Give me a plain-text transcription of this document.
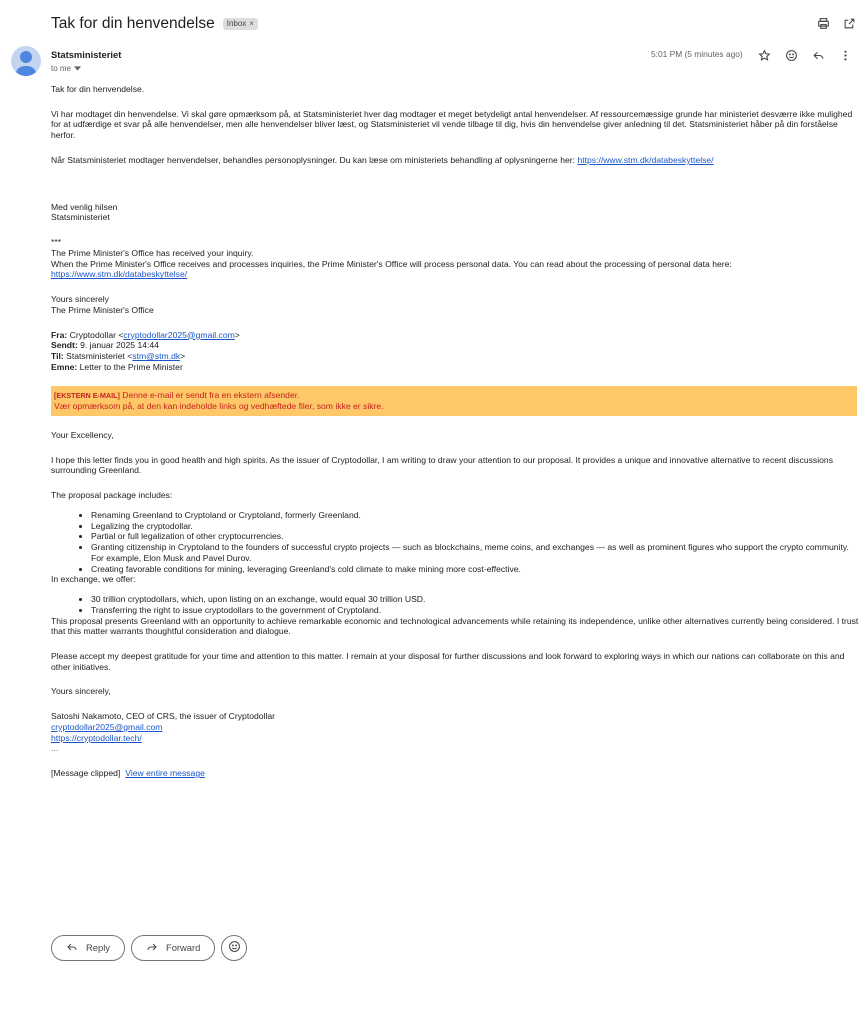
Tak for din henvendelse Inbox ×
Statsministeriet
to me
5:01 PM (5 minutes ago)

Tak for din henvendelse.

Vi har modtaget din henvendelse. Vi skal gøre opmærksom på, at Statsministeriet hver dag modtager et meget betydeligt antal henvendelser. Af ressourcemæssige grunde har ministeriet desværre ikke mulighed for at udfærdige et svar på alle henvendelser, men alle henvendelser bliver læst, og Statsministeriet vil vende tilbage til dig, hvis din henvendelse giver anledning til det. Statsministeriet håber på din forståelse herfor.

Når Statsministeriet modtager henvendelser, behandles personoplysninger. Du kan læse om ministeriets behandling af oplysningerne her: https://www.stm.dk/databeskyttelse/

Med venlig hilsen

Statsministeriet

***

The Prime Minister's Office has received your inquiry.

When the Prime Minister's Office receives and processes inquiries, the Prime Minister's Office will process personal data. You can read about the processing of personal data here:

https://www.stm.dk/databeskyttelse/

Yours sincerely

The Prime Minister's Office

Fra: Cryptodollar <cryptodollar2025@gmail.com>

Sendt: 9. januar 2025 14:44

Til: Statsministeriet <stm@stm.dk>

Emne: Letter to the Prime Minister

[EKSTERN E-MAIL] Denne e-mail er sendt fra en ekstern afsender.

Vær opmærksom på, at den kan indeholde links og vedhæftede filer, som ikke er sikre.

Your Excellency,

I hope this letter finds you in good health and high spirits. As the issuer of Cryptodollar, I am writing to draw your attention to our proposal. It provides a unique and innovative alternative to recent discussions surrounding Greenland.

The proposal package includes:

• Renaming Greenland to Cryptoland or Cryptoland, formerly Greenland.
• Legalizing the cryptodollar.
• Partial or full legalization of other cryptocurrencies.
• Granting citizenship in Cryptoland to the founders of successful crypto projects — such as blockchains, meme coins, and exchanges — as well as prominent figures who support the crypto community. For example, Elon Musk and Pavel Durov.
• Creating favorable conditions for mining, leveraging Greenland's cold climate to make mining more cost-effective.

In exchange, we offer:

• 30 trillion cryptodollars, which, upon listing on an exchange, would equal 30 trillion USD.
• Transferring the right to issue cryptodollars to the government of Cryptoland.

This proposal presents Greenland with an opportunity to achieve remarkable economic and technological advancements while retaining its independence, unlike other alternatives currently being considered. I trust that this matter warrants thoughtful consideration and dialogue.

Please accept my deepest gratitude for your time and attention to this matter. I remain at your disposal for further discussions and look forward to exploring ways in which our nations can collaborate on this and other initiatives.

Yours sincerely,

Satoshi Nakamoto, CEO of CRS, the issuer of Cryptodollar

cryptodollar2025@gmail.com

https://cryptodollar.tech/

...

[Message clipped] View entire message

Reply	Forward
